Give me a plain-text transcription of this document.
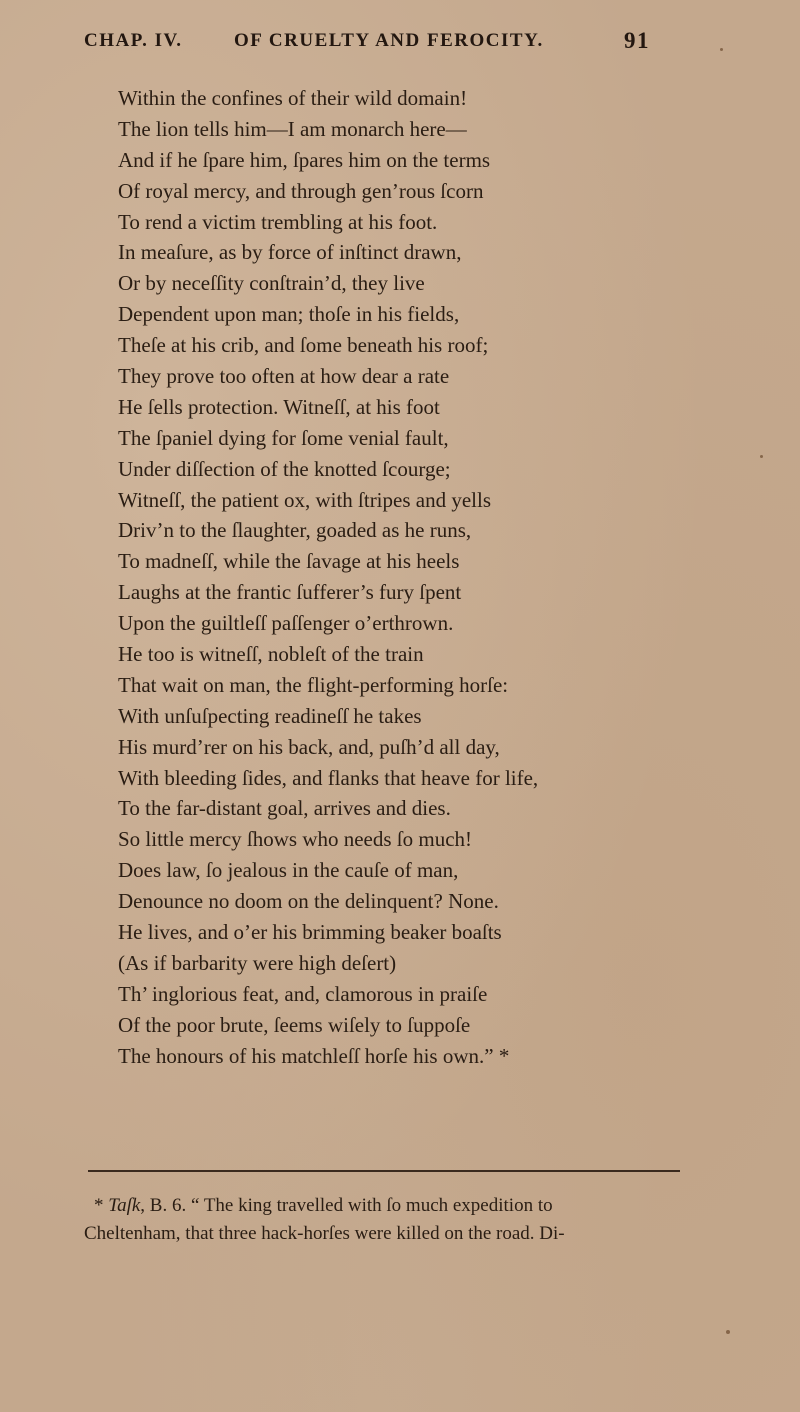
CHAP. IV.	OF CRUELTY AND FEROCITY.	91
Within the confines of their wild domain!
The lion tells him—I am monarch here—
And if he ſpare him, ſpares him on the terms
Of royal mercy, and through gen’rous ſcorn
To rend a victim trembling at his foot.
In meaſure, as by force of inſtinct drawn,
Or by neceſſity conſtrain’d, they live
Dependent upon man; thoſe in his fields,
Theſe at his crib, and ſome beneath his roof;
They prove too often at how dear a rate
He ſells protection. Witneſſ, at his foot
The ſpaniel dying for ſome venial fault,
Under diſſection of the knotted ſcourge;
Witneſſ, the patient ox, with ſtripes and yells
Driv’n to the ſlaughter, goaded as he runs,
To madneſſ, while the ſavage at his heels
Laughs at the frantic ſufferer’s fury ſpent
Upon the guiltleſſ paſſenger o’erthrown.
He too is witneſſ, nobleſt of the train
That wait on man, the flight-performing horſe:
With unſuſpecting readineſſ he takes
His murd’rer on his back, and, puſh’d all day,
With bleeding ſides, and flanks that heave for life,
To the far-distant goal, arrives and dies.
So little mercy ſhows who needs ſo much!
Does law, ſo jealous in the cauſe of man,
Denounce no doom on the delinquent? None.
He lives, and o’er his brimming beaker boaſts
(As if barbarity were high deſert)
Th’ inglorious feat, and, clamorous in praiſe
Of the poor brute, ſeems wiſely to ſuppoſe
The honours of his matchleſſ horſe his own.” *
* Taſk, B. 6. “ The king travelled with ſo much expedition to
Cheltenham, that three hack-horſes were killed on the road. Di-
